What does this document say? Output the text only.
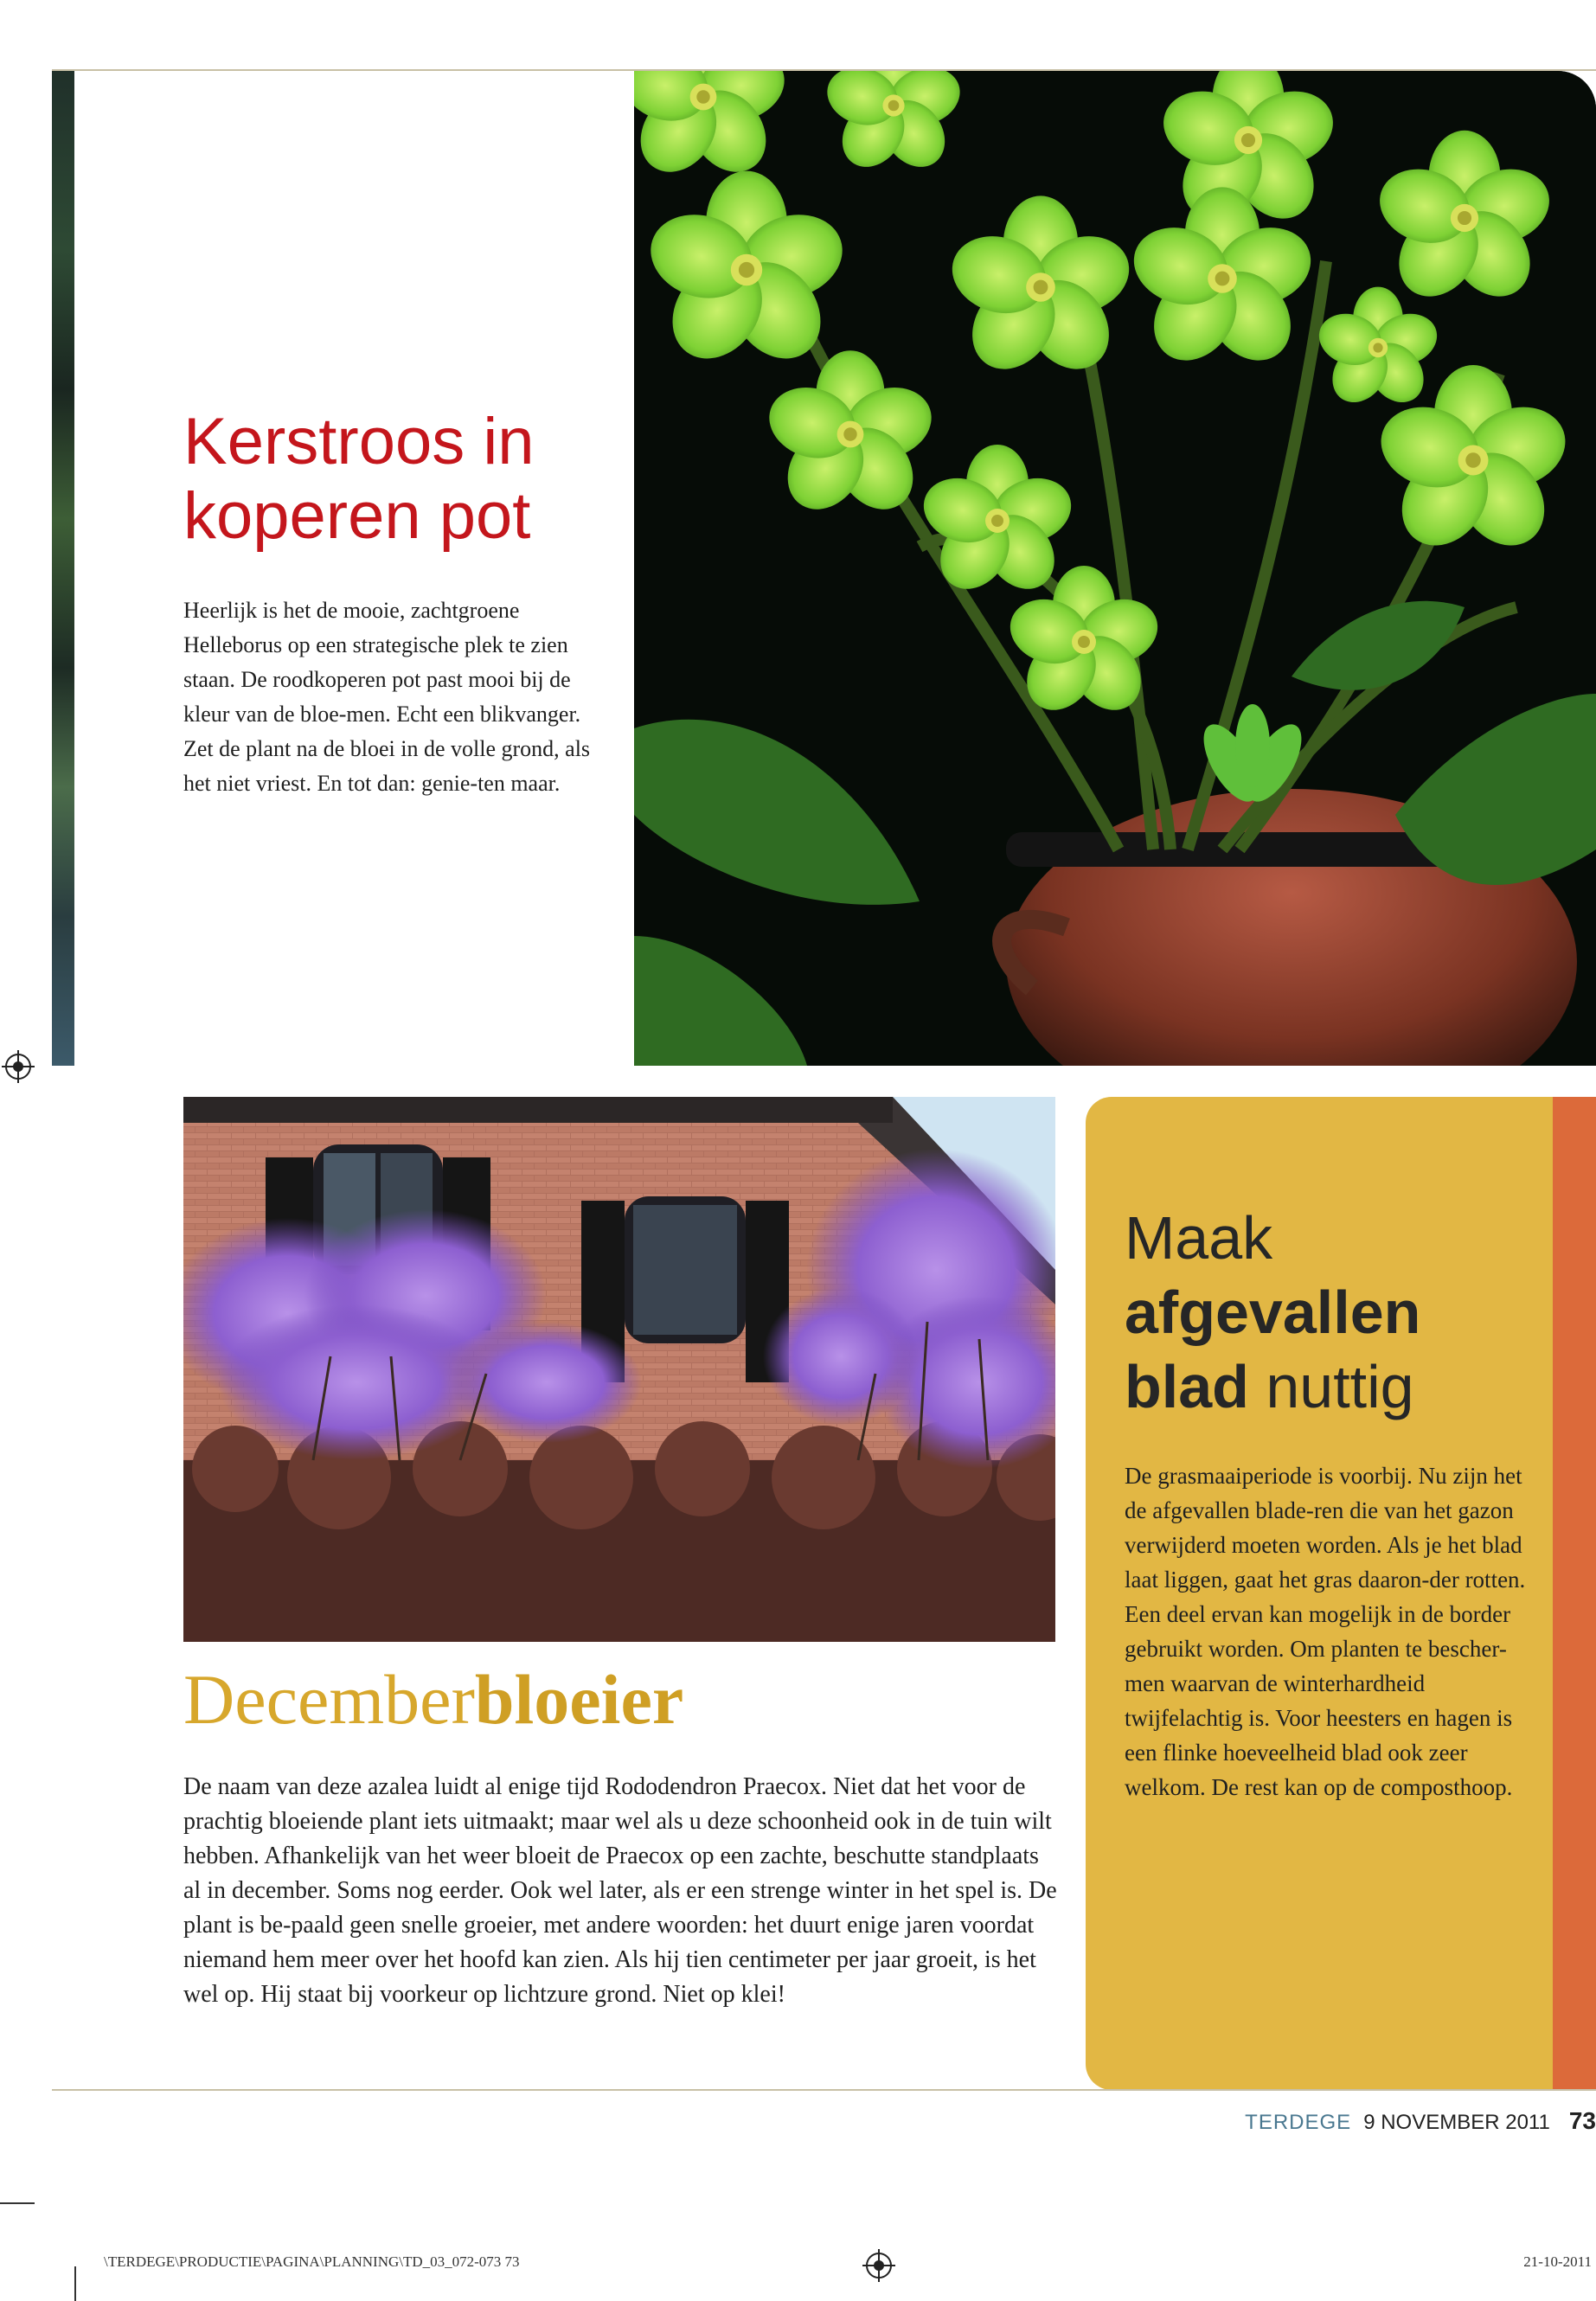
Kerstroos in koperen pot

Heerlijk is het de mooie, zachtgroene Helleborus op een strategische plek te zien staan. De roodkoperen pot past mooi bij de kleur van de bloe-men. Echt een blikvanger. Zet de plant na de bloei in de volle grond, als het niet vriest. En tot dan: genie-ten maar.

Decemberbloeier

De naam van deze azalea luidt al enige tijd Rododendron Praecox. Niet dat het voor de prachtig bloeiende plant iets uitmaakt; maar wel als u deze schoonheid ook in de tuin wilt hebben. Afhankelijk van het weer bloeit de Praecox op een zachte, beschutte standplaats al in december. Soms nog eerder. Ook wel later, als er een strenge winter in het spel is. De plant is be-paald geen snelle groeier, met andere woorden: het duurt enige jaren voordat niemand hem meer over het hoofd kan zien. Als hij tien centimeter per jaar groeit, is het wel op. Hij staat bij voorkeur op lichtzure grond. Niet op klei!

Maak
afgevallen
blad nuttig

De grasmaaiperiode is voorbij. Nu zijn het de afgevallen blade-ren die van het gazon verwijderd moeten worden. Als je het blad laat liggen, gaat het gras daaron-der rotten. Een deel ervan kan mogelijk in de border gebruikt worden. Om planten te bescher-men waarvan de winterhardheid twijfelachtig is. Voor heesters en hagen is een flinke hoeveelheid blad ook zeer welkom. De rest kan op de composthoop.

TERDEGE 9 NOVEMBER 2011 73
\TERDEGE\PRODUCTIE\PAGINA\PLANNING\TD_03_072-073 73	21-10-2011
